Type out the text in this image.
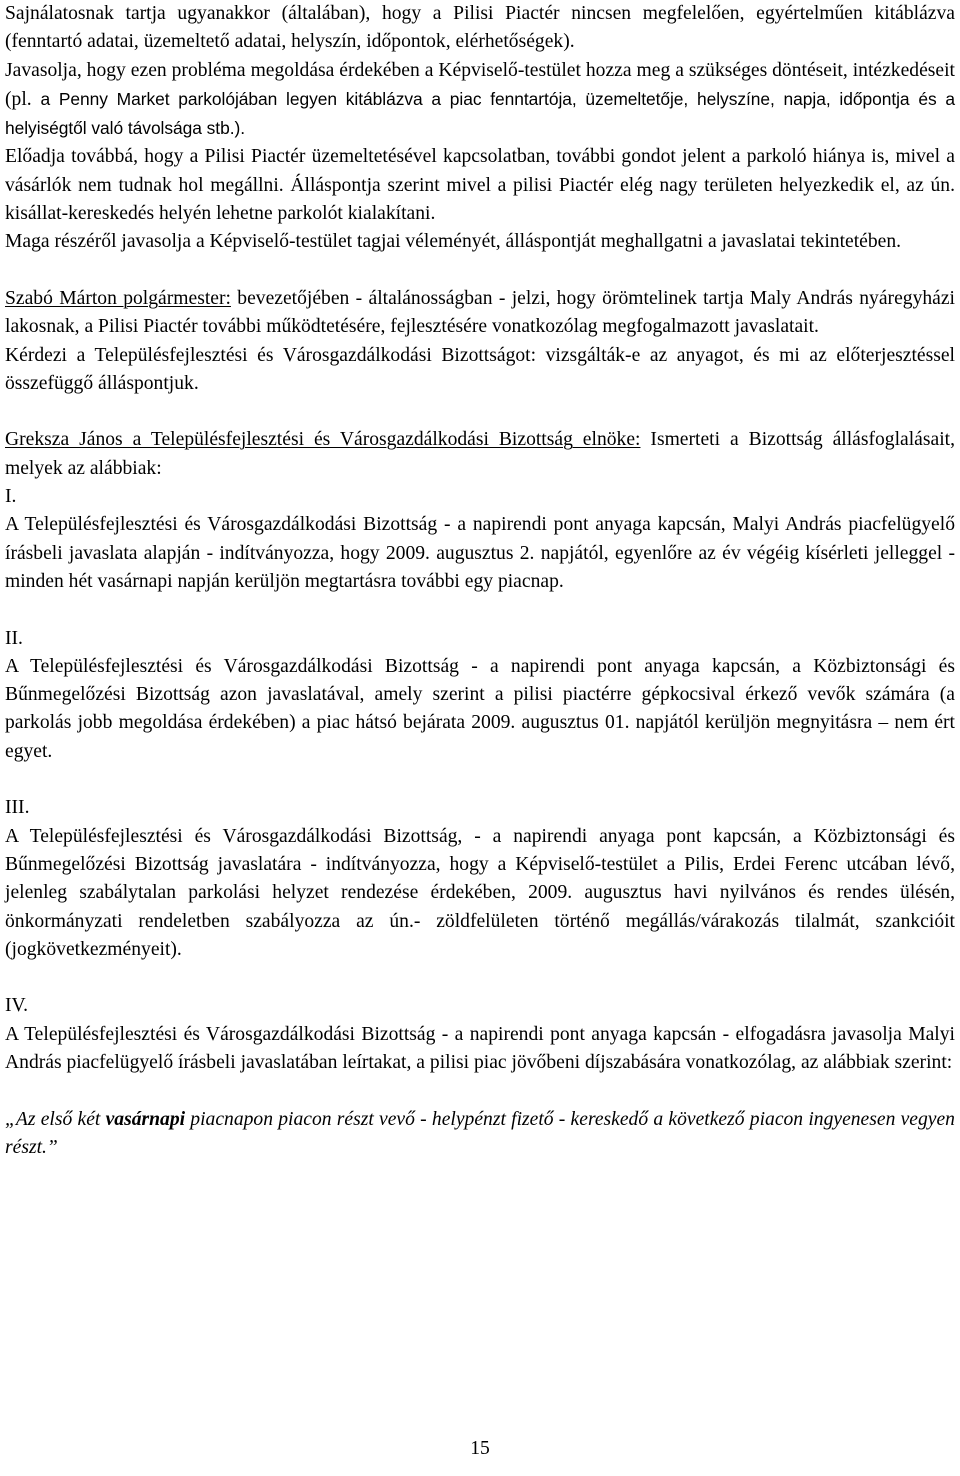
Sajnálatosnak tartja ugyanakkor (általában), hogy a Pilisi Piactér nincsen megfelelően, egyértelműen kitáblázva (fenntartó adatai, üzemeltető adatai, helyszín, időpontok, elérhetőségek).

Javasolja, hogy ezen probléma megoldása érdekében a Képviselő-testület hozza meg a szükséges döntéseit, intézkedéseit (pl. a Penny Market parkolójában legyen kitáblázva a piac fenntartója, üzemeltetője, helyszíne, napja, időpontja és a helyiségtől való távolsága stb.).

Előadja továbbá, hogy a Pilisi Piactér üzemeltetésével kapcsolatban, további gondot jelent a parkoló hiánya is, mivel a vásárlók nem tudnak hol megállni. Álláspontja szerint mivel a pilisi Piactér elég nagy területen helyezkedik el, az ún. kisállat-kereskedés helyén lehetne parkolót kialakítani.

Maga részéről javasolja a Képviselő-testület tagjai véleményét, álláspontját meghallgatni a javaslatai tekintetében.

Szabó Márton polgármester: bevezetőjében - általánosságban - jelzi, hogy örömtelinek tartja Maly András nyáregyházi lakosnak, a Pilisi Piactér további működtetésére, fejlesztésére vonatkozólag megfogalmazott javaslatait.

Kérdezi a Településfejlesztési és Városgazdálkodási Bizottságot: vizsgálták-e az anyagot, és mi az előterjesztéssel összefüggő álláspontjuk.

Greksza János a Településfejlesztési és Városgazdálkodási Bizottság elnöke: Ismerteti a Bizottság állásfoglalásait, melyek az alábbiak:

I.

A Településfejlesztési és Városgazdálkodási Bizottság - a napirendi pont anyaga kapcsán, Malyi András piacfelügyelő írásbeli javaslata alapján - indítványozza, hogy 2009. augusztus 2. napjától, egyenlőre az év végéig kísérleti jelleggel - minden hét vasárnapi napján kerüljön megtartásra további egy piacnap.

II.

A Településfejlesztési és Városgazdálkodási Bizottság - a napirendi pont anyaga kapcsán, a Közbiztonsági és Bűnmegelőzési Bizottság azon javaslatával, amely szerint a pilisi piactérre gépkocsival érkező vevők számára (a parkolás jobb megoldása érdekében) a piac hátsó bejárata 2009. augusztus 01. napjától kerüljön megnyitásra – nem ért egyet.

III.

A Településfejlesztési és Városgazdálkodási Bizottság, - a napirendi anyaga pont kapcsán, a Közbiztonsági és Bűnmegelőzési Bizottság javaslatára - indítványozza, hogy a Képviselő-testület a Pilis, Erdei Ferenc utcában lévő, jelenleg szabálytalan parkolási helyzet rendezése érdekében, 2009. augusztus havi nyilvános és rendes ülésén, önkormányzati rendeletben szabályozza az ún.- zöldfelületen történő megállás/várakozás tilalmát, szankcióit (jogkövetkezményeit).

IV.

A Településfejlesztési és Városgazdálkodási Bizottság - a napirendi pont anyaga kapcsán - elfogadásra javasolja Malyi András piacfelügyelő írásbeli javaslatában leírtakat, a pilisi piac jövőbeni díjszabására vonatkozólag, az alábbiak szerint:

„Az első két vasárnapi piacnapon piacon részt vevő - helypénzt fizető - kereskedő a következő piacon ingyenesen vegyen részt.”

15
